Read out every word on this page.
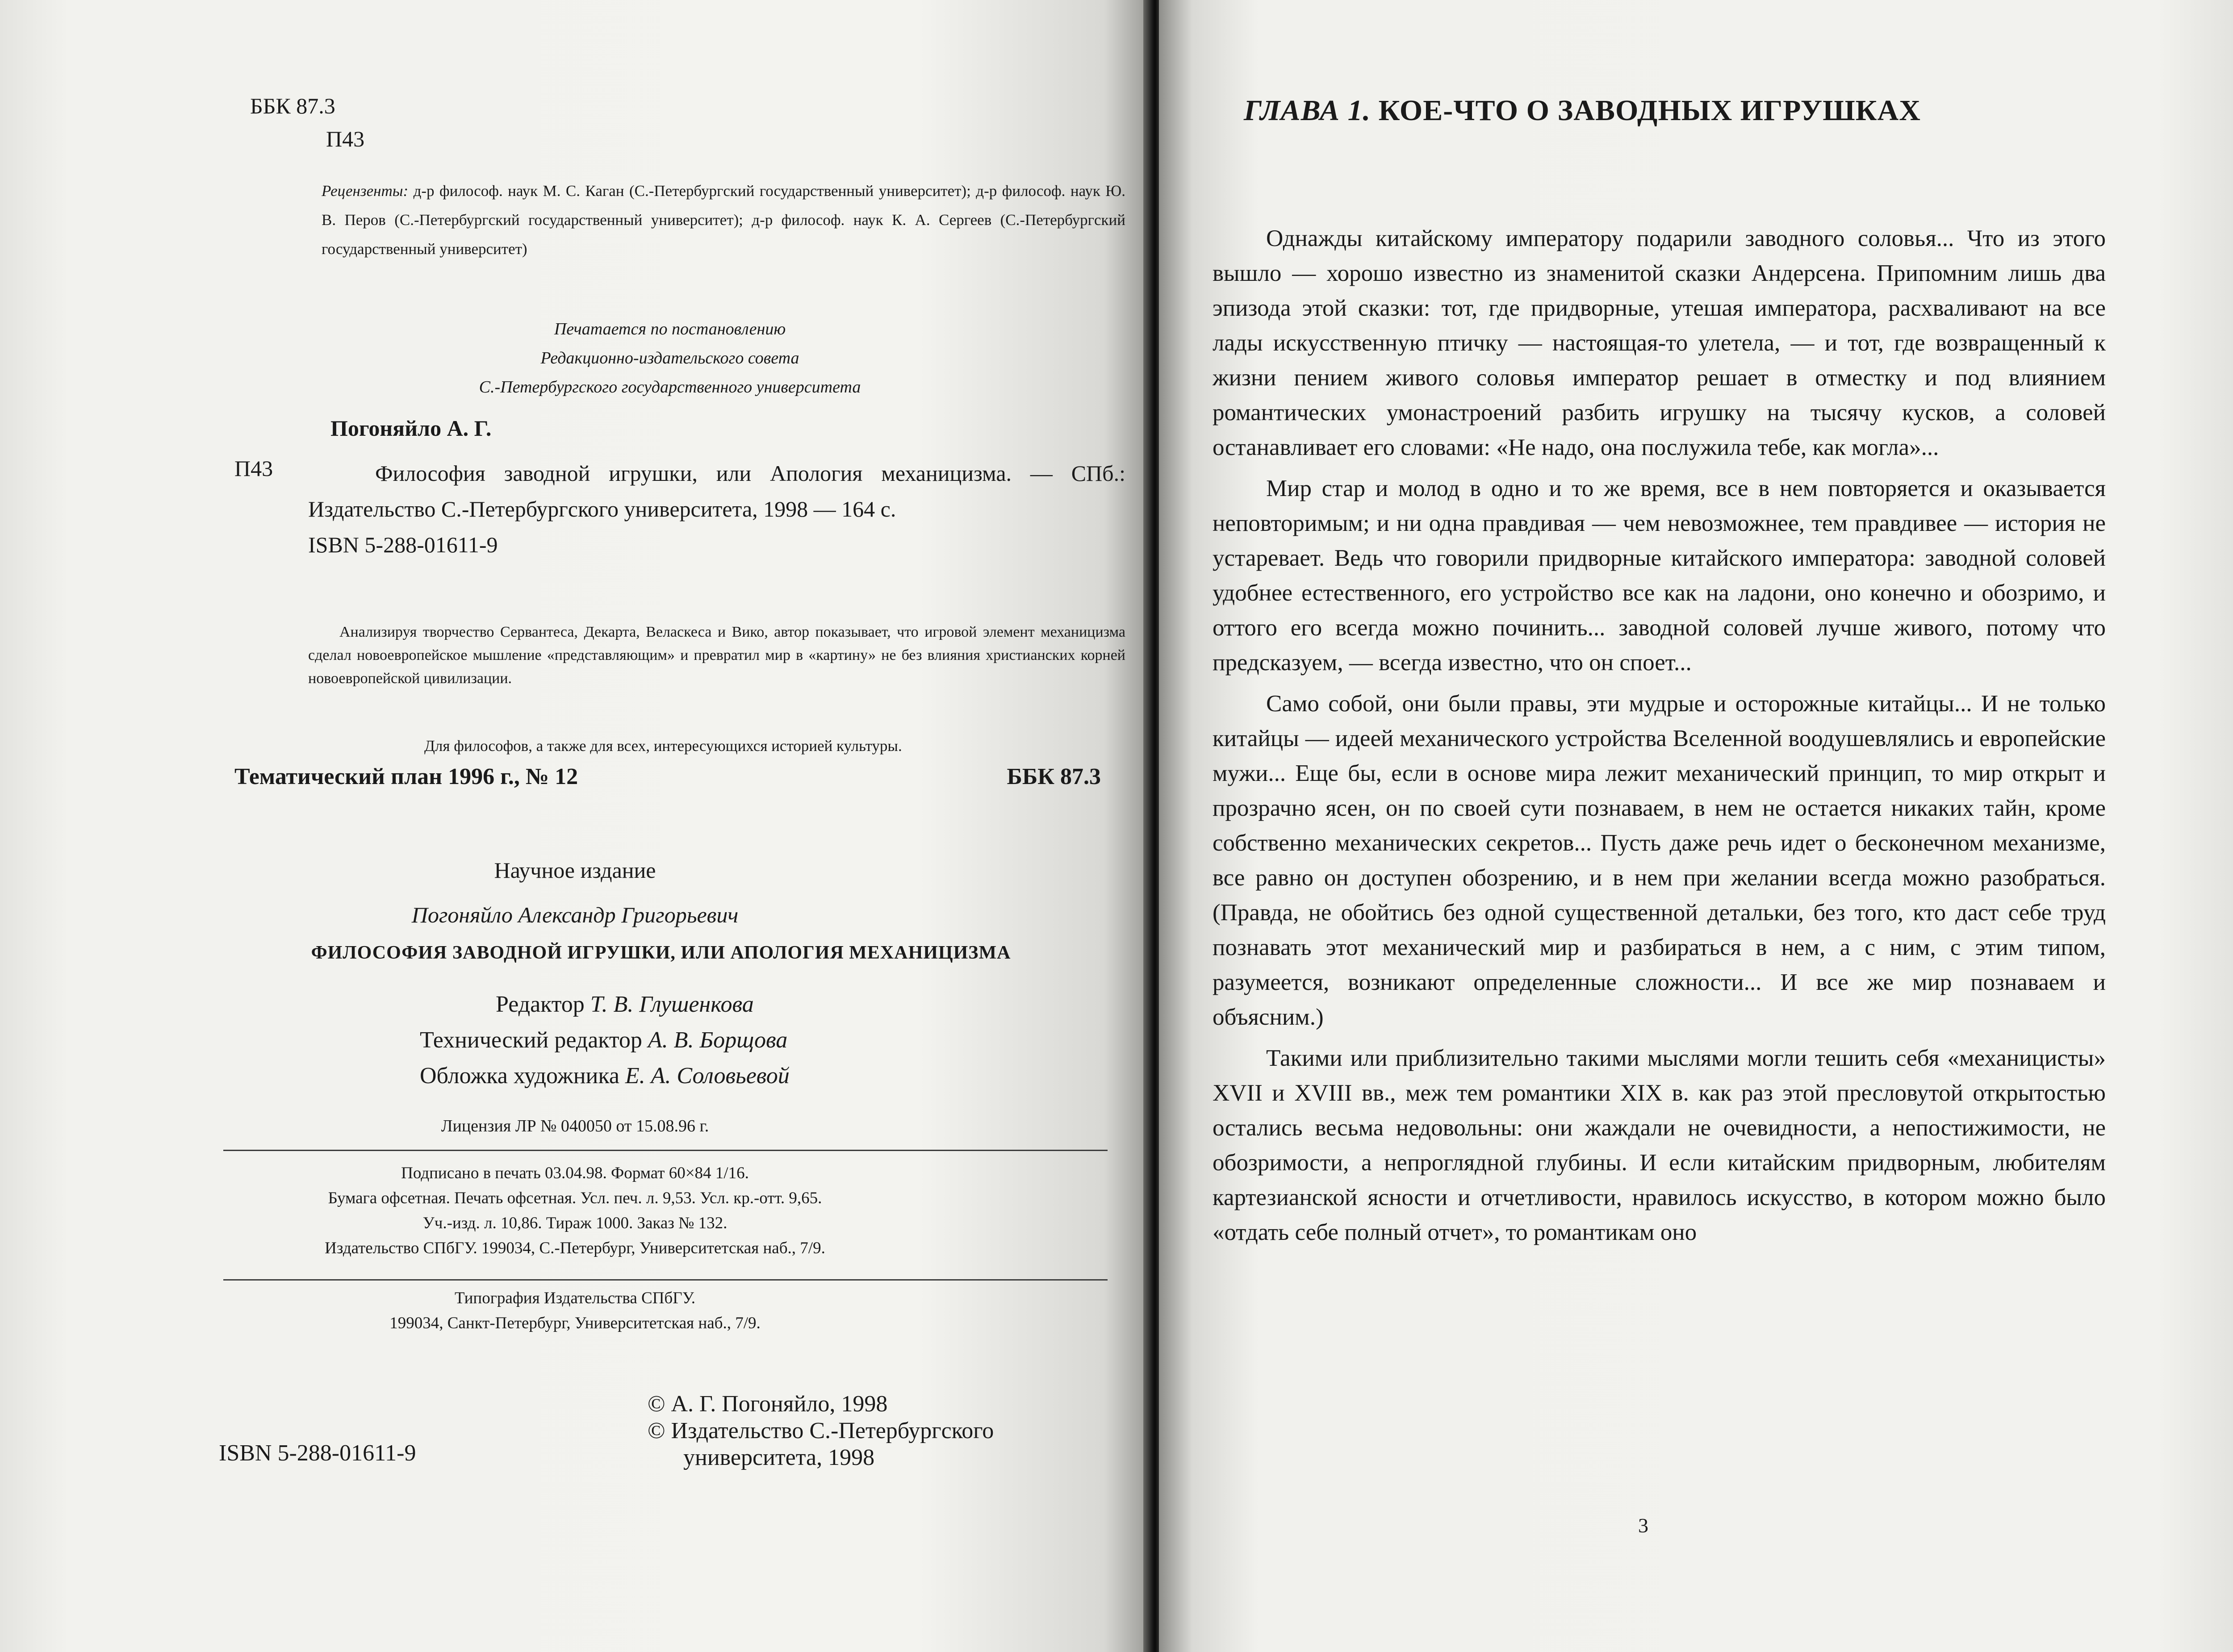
ББК 87.3
П43

Рецензенты: д-р философ. наук М. С. Каган (С.-Петербургский государственный университет); д-р философ. наук Ю. В. Перов (С.-Петербургский государственный университет); д-р философ. наук К. А. Сергеев (С.-Петербургский государственный университет)

Печатается по постановлению
Редакционно-издательского совета
С.-Петербургского государственного университета
Погоняйло А. Г.
П43	Философия заводной игрушки, или Апология механицизма. — СПб.: Издательство С.-Петербургского университета, 1998 — 164 с.
ISBN 5-288-01611-9

Анализируя творчество Сервантеса, Декарта, Веласкеса и Вико, автор показывает, что игровой элемент механицизма сделал новоевропейское мышление «представляющим» и превратил мир в «картину» не без влияния христианских корней новоевропейской цивилизации.

Для философов, а также для всех, интересующихся историей культуры.

Тематический план 1996 г., № 12	ББК 87.3
Научное издание
Погоняйло Александр Григорьевич
ФИЛОСОФИЯ ЗАВОДНОЙ ИГРУШКИ, ИЛИ АПОЛОГИЯ МЕХАНИЦИЗМА
Редактор Т. В. Глушенкова
Технический редактор А. В. Борщова
Обложка художника Е. А. Соловьевой
Лицензия ЛР № 040050 от 15.08.96 г.
Подписано в печать 03.04.98. Формат 60×84 1/16.
Бумага офсетная. Печать офсетная. Усл. печ. л. 9,53. Усл. кр.-отт. 9,65.
Уч.-изд. л. 10,86. Тираж 1000. Заказ № 132.
Издательство СПбГУ. 199034, С.-Петербург, Университетская наб., 7/9.
Типография Издательства СПбГУ.
199034, Санкт-Петербург, Университетская наб., 7/9.
© А. Г. Погоняйло, 1998
© Издательство С.-Петербургского
университета, 1998
ISBN 5-288-01611-9
ГЛАВА 1. КОЕ-ЧТО О ЗАВОДНЫХ ИГРУШКАХ

Однажды китайскому императору подарили заводного соловья... Что из этого вышло — хорошо известно из знаменитой сказки Андерсена. Припомним лишь два эпизода этой сказки: тот, где придворные, утешая императора, расхваливают на все лады искусственную птичку — настоящая-то улетела, — и тот, где возвращенный к жизни пением живого соловья император решает в отместку и под влиянием романтических умонастроений разбить игрушку на тысячу кусков, а соловей останавливает его словами: «Не надо, она послужила тебе, как могла»...

Мир стар и молод в одно и то же время, все в нем повторяется и оказывается неповторимым; и ни одна правдивая — чем невозможнее, тем правдивее — история не устаревает. Ведь что говорили придворные китайского императора: заводной соловей удобнее естественного, его устройство все как на ладони, оно конечно и обозримо, и оттого его всегда можно починить... заводной соловей лучше живого, потому что предсказуем, — всегда известно, что он споет...

Само собой, они были правы, эти мудрые и осторожные китайцы... И не только китайцы — идеей механического устройства Вселенной воодушевлялись и европейские мужи... Еще бы, если в основе мира лежит механический принцип, то мир открыт и прозрачно ясен, он по своей сути познаваем, в нем не остается никаких тайн, кроме собственно механических секретов... Пусть даже речь идет о бесконечном механизме, все равно он доступен обозрению, и в нем при желании всегда можно разобраться. (Правда, не обойтись без одной существенной детальки, без того, кто даст себе труд познавать этот механический мир и разбираться в нем, а с ним, с этим типом, разумеется, возникают определенные сложности... И все же мир познаваем и объясним.)

Такими или приблизительно такими мыслями могли тешить себя «механицисты» XVII и XVIII вв., меж тем романтики XIX в. как раз этой пресловутой открытостью остались весьма недовольны: они жаждали не очевидности, а непостижимости, не обозримости, а непроглядной глубины. И если китайским придворным, любителям картезианской ясности и отчетливости, нравилось искусство, в котором можно было «отдать себе полный отчет», то романтикам оно

3
